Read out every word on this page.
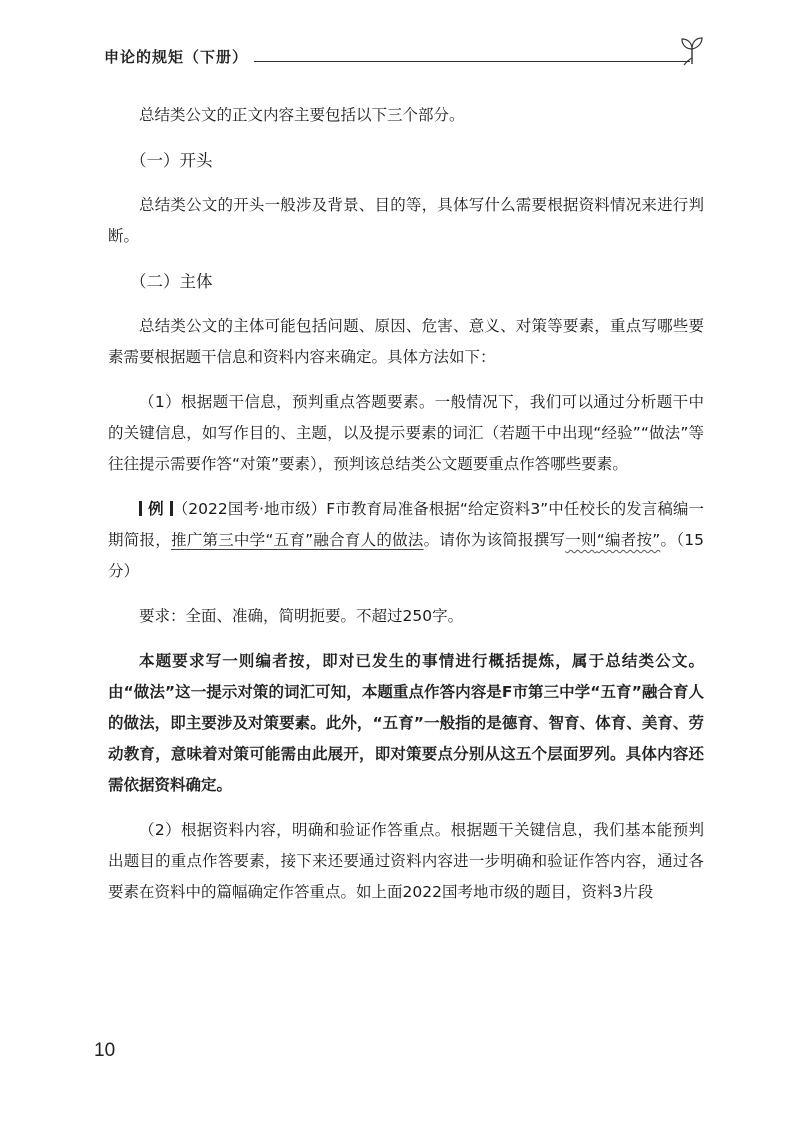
申论的规矩（下册）

总结类公文的正文内容主要包括以下三个部分。

（一）开头

总结类公文的开头一般涉及背景、目的等，具体写什么需要根据资料情况来进行判断。

（二）主体

总结类公文的主体可能包括问题、原因、危害、意义、对策等要素，重点写哪些要素需要根据题干信息和资料内容来确定。具体方法如下：

（1）根据题干信息，预判重点答题要素。一般情况下，我们可以通过分析题干中的关键信息，如写作目的、主题，以及提示要素的词汇（若题干中出现“经验”“做法”等往往提示需要作答“对策”要素），预判该总结类公文题要重点作答哪些要素。

例 （2022国考·地市级）F市教育局准备根据“给定资料3”中任校长的发言稿编一期简报，推广第三中学“五育”融合育人的做法。请你为该简报撰写一则“编者按”。（15分）

要求：全面、准确，简明扼要。不超过250字。

本题要求写一则编者按，即对已发生的事情进行概括提炼，属于总结类公文。由“做法”这一提示对策的词汇可知，本题重点作答内容是F市第三中学“五育”融合育人的做法，即主要涉及对策要素。此外，“五育”一般指的是德育、智育、体育、美育、劳动教育，意味着对策可能需由此展开，即对策要点分别从这五个层面罗列。具体内容还需依据资料确定。

（2）根据资料内容，明确和验证作答重点。根据题干关键信息，我们基本能预判出题目的重点作答要素，接下来还要通过资料内容进一步明确和验证作答内容，通过各要素在资料中的篇幅确定作答重点。如上面2022国考地市级的题目，资料3片段

10
